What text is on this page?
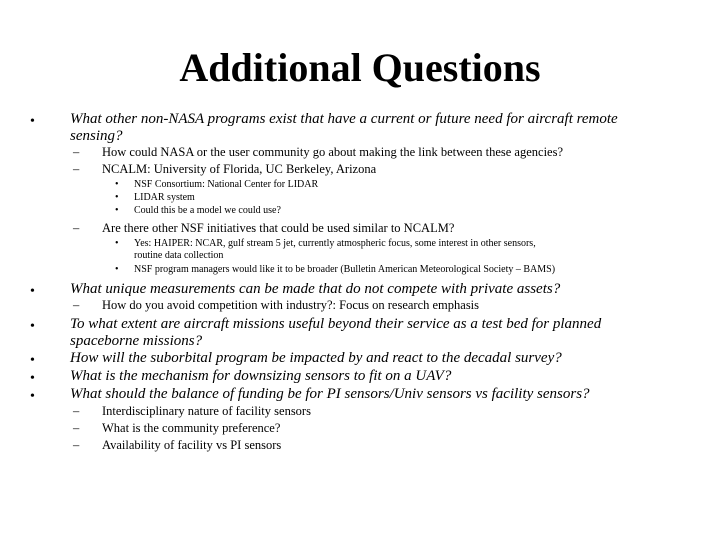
Additional Questions
• What other non-NASA programs exist that have a current or future need for aircraft remote
sensing?
– How could NASA or the user community go about making the link between these agencies?
– NCALM: University of Florida, UC Berkeley, Arizona
• NSF Consortium: National Center for LIDAR
• LIDAR system
• Could this be a model we could use?
– Are there other NSF initiatives that could be used similar to NCALM?
• Yes: HAIPER: NCAR, gulf stream 5 jet, currently atmospheric focus, some interest in other sensors,
routine data collection
• NSF program managers would like it to be broader (Bulletin American Meteorological Society – BAMS)
• What unique measurements can be made that do not compete with private assets?
– How do you avoid competition with industry?: Focus on research emphasis
• To what extent are aircraft missions useful beyond their service as a test bed for planned
spaceborne missions?
• How will the suborbital program be impacted by and react to the decadal survey?
• What is the mechanism for downsizing sensors to fit on a UAV?
• What should the balance of funding be for PI sensors/Univ sensors vs facility sensors?
– Interdisciplinary nature of facility sensors
– What is the community preference?
– Availability of facility vs PI sensors
